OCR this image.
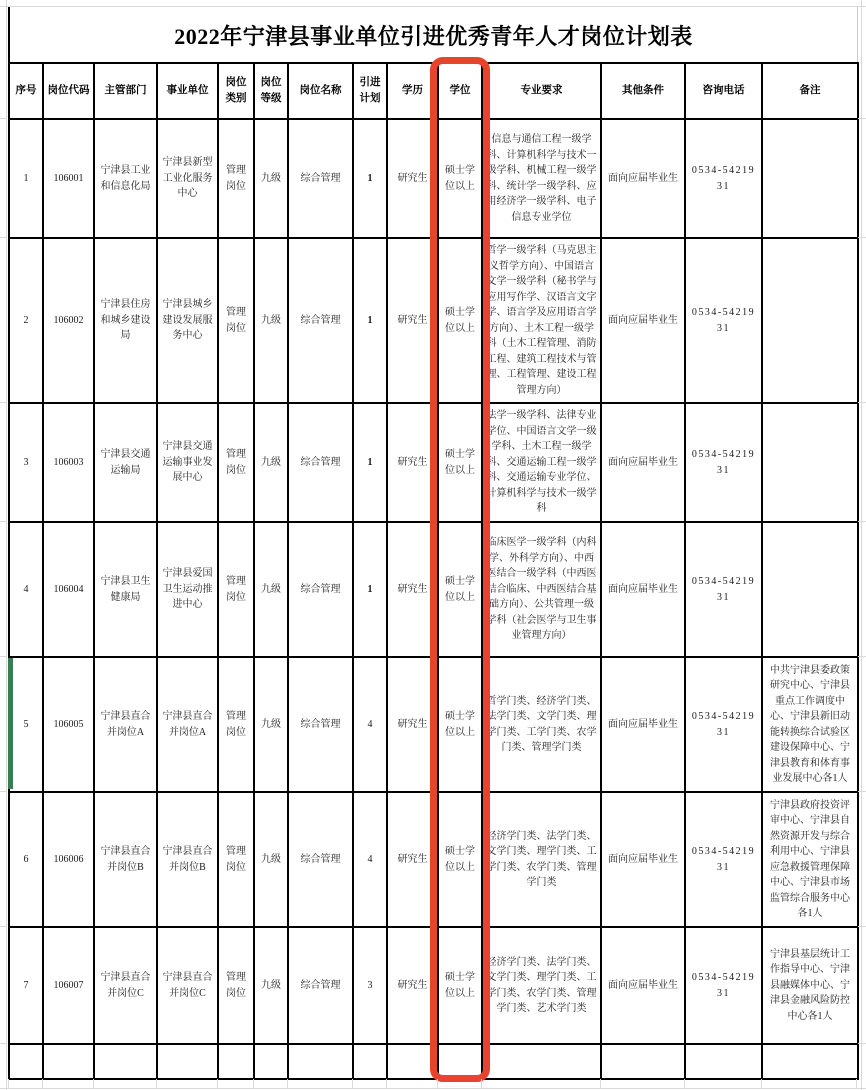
2022年宁津县事业单位引进优秀青年人才岗位计划表
序号	岗位代码	主管部门	事业单位	岗位类别	岗位等级	岗位名称	引进计划	学历	学位	专业要求	其他条件	咨询电话	备注
1	106001	宁津县工业和信息化局	宁津县新型工业化服务中心	管理岗位	九级	综合管理	1	研究生	硕士学位以上	信息与通信工程一级学科、计算机科学与技术一级学科、机械工程一级学科、统计学一级学科、应用经济学一级学科、电子信息专业学位	面向应届毕业生	0534-5421931	
2	106002	宁津县住房和城乡建设局	宁津县城乡建设发展服务中心	管理岗位	九级	综合管理	1	研究生	硕士学位以上	哲学一级学科（马克思主义哲学方向）、中国语言文学一级学科（秘书学与应用写作学、汉语言文字学、语言学及应用语言学方向）、土木工程一级学科（土木工程管理、消防工程、建筑工程技术与管理、工程管理、建设工程管理方向）	面向应届毕业生	0534-5421931	
3	106003	宁津县交通运输局	宁津县交通运输事业发展中心	管理岗位	九级	综合管理	1	研究生	硕士学位以上	法学一级学科、法律专业学位、中国语言文学一级学科、土木工程一级学科、交通运输工程一级学科、交通运输专业学位、计算机科学与技术一级学科	面向应届毕业生	0534-5421931	
4	106004	宁津县卫生健康局	宁津县爱国卫生运动推进中心	管理岗位	九级	综合管理	1	研究生	硕士学位以上	临床医学一级学科（内科学、外科学方向）、中西医结合一级学科（中西医结合临床、中西医结合基础方向）、公共管理一级学科（社会医学与卫生事业管理方向）	面向应届毕业生	0534-5421931	
5	106005	宁津县直合并岗位A	宁津县直合并岗位A	管理岗位	九级	综合管理	4	研究生	硕士学位以上	哲学门类、经济学门类、法学门类、文学门类、理学门类、工学门类、农学门类、管理学门类	面向应届毕业生	0534-5421931	中共宁津县委政策研究中心、宁津县重点工作调度中心、宁津县新旧动能转换综合试验区建设保障中心、宁津县教育和体育事业发展中心各1人
6	106006	宁津县直合并岗位B	宁津县直合并岗位B	管理岗位	九级	综合管理	4	研究生	硕士学位以上	经济学门类、法学门类、文学门类、理学门类、工学门类、农学门类、管理学门类	面向应届毕业生	0534-5421931	宁津县政府投资评审中心、宁津县自然资源开发与综合利用中心、宁津县应急救援管理保障中心、宁津县市场监管综合服务中心各1人
7	106007	宁津县直合并岗位C	宁津县直合并岗位C	管理岗位	九级	综合管理	3	研究生	硕士学位以上	经济学门类、法学门类、文学门类、理学门类、工学门类、农学门类、管理学门类、艺术学门类	面向应届毕业生	0534-5421931	宁津县基层统计工作指导中心、宁津县融媒体中心、宁津县金融风险防控中心各1人
